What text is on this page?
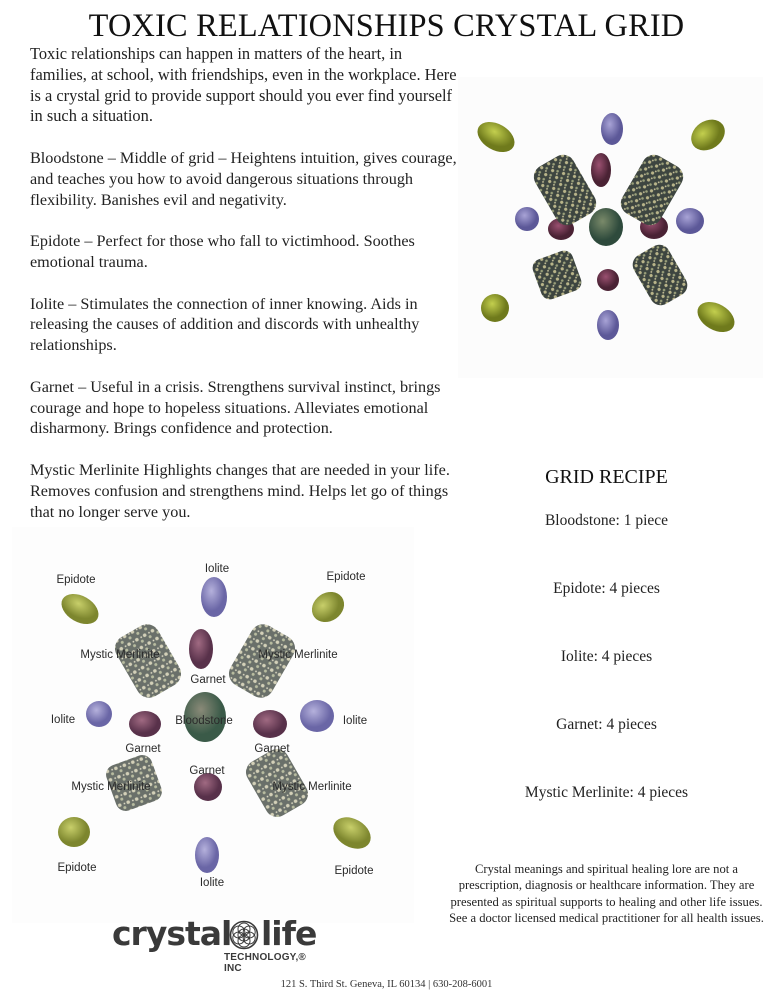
TOXIC RELATIONSHIPS CRYSTAL GRID

Toxic relationships can happen in matters of the heart, in families, at school, with friendships, even in the workplace. Here is a crystal grid to provide support should you ever find yourself in such a situation.

Bloodstone – Middle of grid – Heightens intuition, gives courage, and teaches you how to avoid dangerous situations through flexibility. Banishes evil and negativity.

Epidote – Perfect for those who fall to victimhood. Soothes emotional trauma.

Iolite – Stimulates the connection of inner knowing. Aids in releasing the causes of addition and discords with unhealthy relationships.

Garnet – Useful in a crisis. Strengthens survival instinct, brings courage and hope to hopeless situations. Alleviates emotional disharmony. Brings confidence and protection.

Mystic Merlinite Highlights changes that are needed in your life. Removes confusion and strengthens mind. Helps let go of things that no longer serve you.

GRID RECIPE
Bloodstone: 1 piece
Epidote: 4 pieces
Iolite: 4 pieces
Garnet: 4 pieces
Mystic Merlinite: 4 pieces
Iolite
Epidote	Epidote
Mystic Merlinite	Mystic Merlinite
Garnet
Iolite	Bloodstone	Iolite
Garnet	Garnet
Garnet
Mystic Merlinite	Mystic Merlinite
Epidote	Epidote
Iolite
Crystal meanings and spiritual healing lore are not a prescription, diagnosis or healthcare information. They are presented as spiritual supports to healing and other life issues. See a doctor licensed medical practitioner for all health issues.
crystal life
TECHNOLOGY,® INC
121 S. Third St. Geneva, IL 60134 | 630-208-6001
